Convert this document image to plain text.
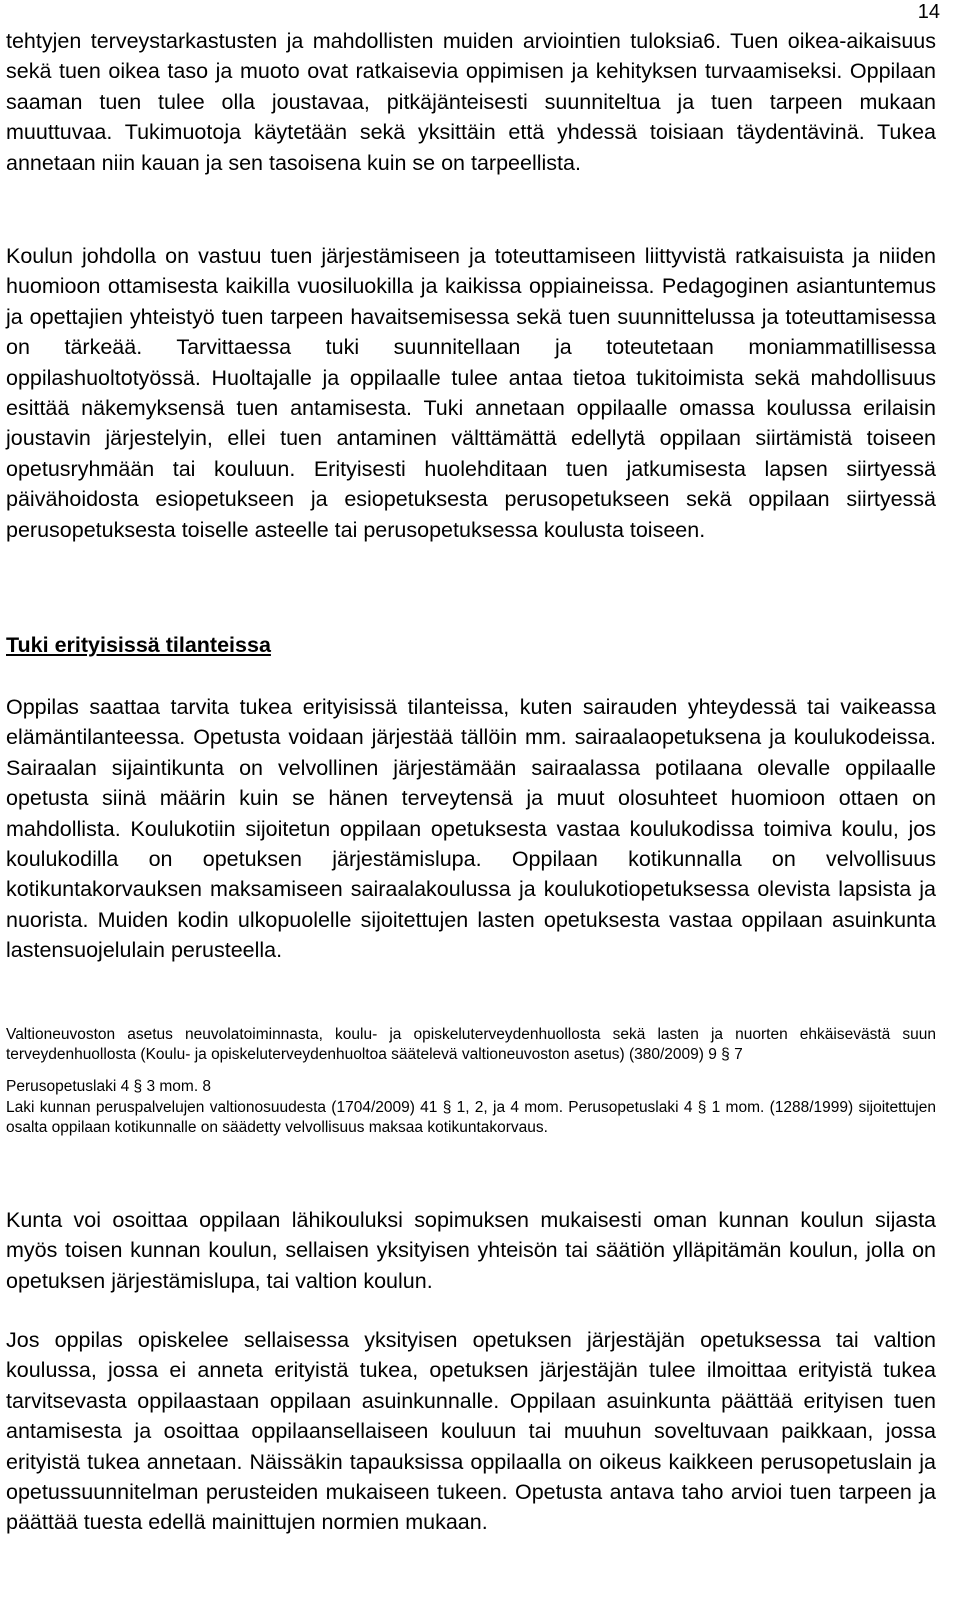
14

tehtyjen terveystarkastusten ja mahdollisten muiden arviointien tuloksia6. Tuen oikea-aikaisuus sekä tuen oikea taso ja muoto ovat ratkaisevia oppimisen ja kehityksen turvaamiseksi. Oppilaan saaman tuen tulee olla joustavaa, pitkäjänteisesti suunniteltua ja tuen tarpeen mukaan muuttuvaa. Tukimuotoja käytetään sekä yksittäin että yhdessä toisiaan täydentävinä. Tukea annetaan niin kauan ja sen tasoisena kuin se on tarpeellista.

Koulun johdolla on vastuu tuen järjestämiseen ja toteuttamiseen liittyvistä ratkaisuista ja niiden huomioon ottamisesta kaikilla vuosiluokilla ja kaikissa oppiaineissa. Pedagoginen asiantuntemus ja opettajien yhteistyö tuen tarpeen havaitsemisessa sekä tuen suunnittelussa ja toteuttamisessa on tärkeää. Tarvittaessa tuki suunnitellaan ja toteutetaan moniammatillisessa oppilashuoltotyössä. Huoltajalle ja oppilaalle tulee antaa tietoa tukitoimista sekä mahdollisuus esittää näkemyksensä tuen antamisesta. Tuki annetaan oppilaalle omassa koulussa erilaisin joustavin järjestelyin, ellei tuen antaminen välttämättä edellytä oppilaan siirtämistä toiseen opetusryhmään tai kouluun. Erityisesti huolehditaan tuen jatkumisesta lapsen siirtyessä päivähoidosta esiopetukseen ja esiopetuksesta perusopetukseen sekä oppilaan siirtyessä perusopetuksesta toiselle asteelle tai perusopetuksessa koulusta toiseen.

Tuki erityisissä tilanteissa

Oppilas saattaa tarvita tukea erityisissä tilanteissa, kuten sairauden yhteydessä tai vaikeassa elämäntilanteessa. Opetusta voidaan järjestää tällöin mm. sairaalaopetuksena ja koulukodeissa. Sairaalan sijaintikunta on velvollinen järjestämään sairaalassa potilaana olevalle oppilaalle opetusta siinä määrin kuin se hänen terveytensä ja muut olosuhteet huomioon ottaen on mahdollista. Koulukotiin sijoitetun oppilaan opetuksesta vastaa koulukodissa toimiva koulu, jos koulukodilla on opetuksen järjestämislupa. Oppilaan kotikunnalla on velvollisuus kotikuntakorvauksen maksamiseen sairaalakoulussa ja koulukotiopetuksessa olevista lapsista ja nuorista. Muiden kodin ulkopuolelle sijoitettujen lasten opetuksesta vastaa oppilaan asuinkunta lastensuojelulain perusteella.

Valtioneuvoston asetus neuvolatoiminnasta, koulu- ja opiskeluterveydenhuollosta sekä lasten ja nuorten ehkäisevästä suun terveydenhuollosta (Koulu- ja opiskeluterveydenhuoltoa säätelevä valtioneuvoston asetus) (380/2009) 9 § 7

Perusopetuslaki 4 § 3 mom. 8

Laki kunnan peruspalvelujen valtionosuudesta (1704/2009) 41 § 1, 2, ja 4 mom. Perusopetuslaki 4 § 1 mom. (1288/1999) sijoitettujen osalta oppilaan kotikunnalle on säädetty velvollisuus maksaa kotikuntakorvaus.

Kunta voi osoittaa oppilaan lähikouluksi sopimuksen mukaisesti oman kunnan koulun sijasta myös toisen kunnan koulun, sellaisen yksityisen yhteisön tai säätiön ylläpitämän koulun, jolla on opetuksen järjestämislupa, tai valtion koulun.

Jos oppilas opiskelee sellaisessa yksityisen opetuksen järjestäjän opetuksessa tai valtion koulussa, jossa ei anneta erityistä tukea, opetuksen järjestäjän tulee ilmoittaa erityistä tukea tarvitsevasta oppilaastaan oppilaan asuinkunnalle. Oppilaan asuinkunta päättää erityisen tuen antamisesta ja osoittaa oppilaansellaiseen kouluun tai muuhun soveltuvaan paikkaan, jossa erityistä tukea annetaan. Näissäkin tapauksissa oppilaalla on oikeus kaikkeen perusopetuslain ja opetussuunnitelman perusteiden mukaiseen tukeen. Opetusta antava taho arvioi tuen tarpeen ja päättää tuesta edellä mainittujen normien mukaan.
